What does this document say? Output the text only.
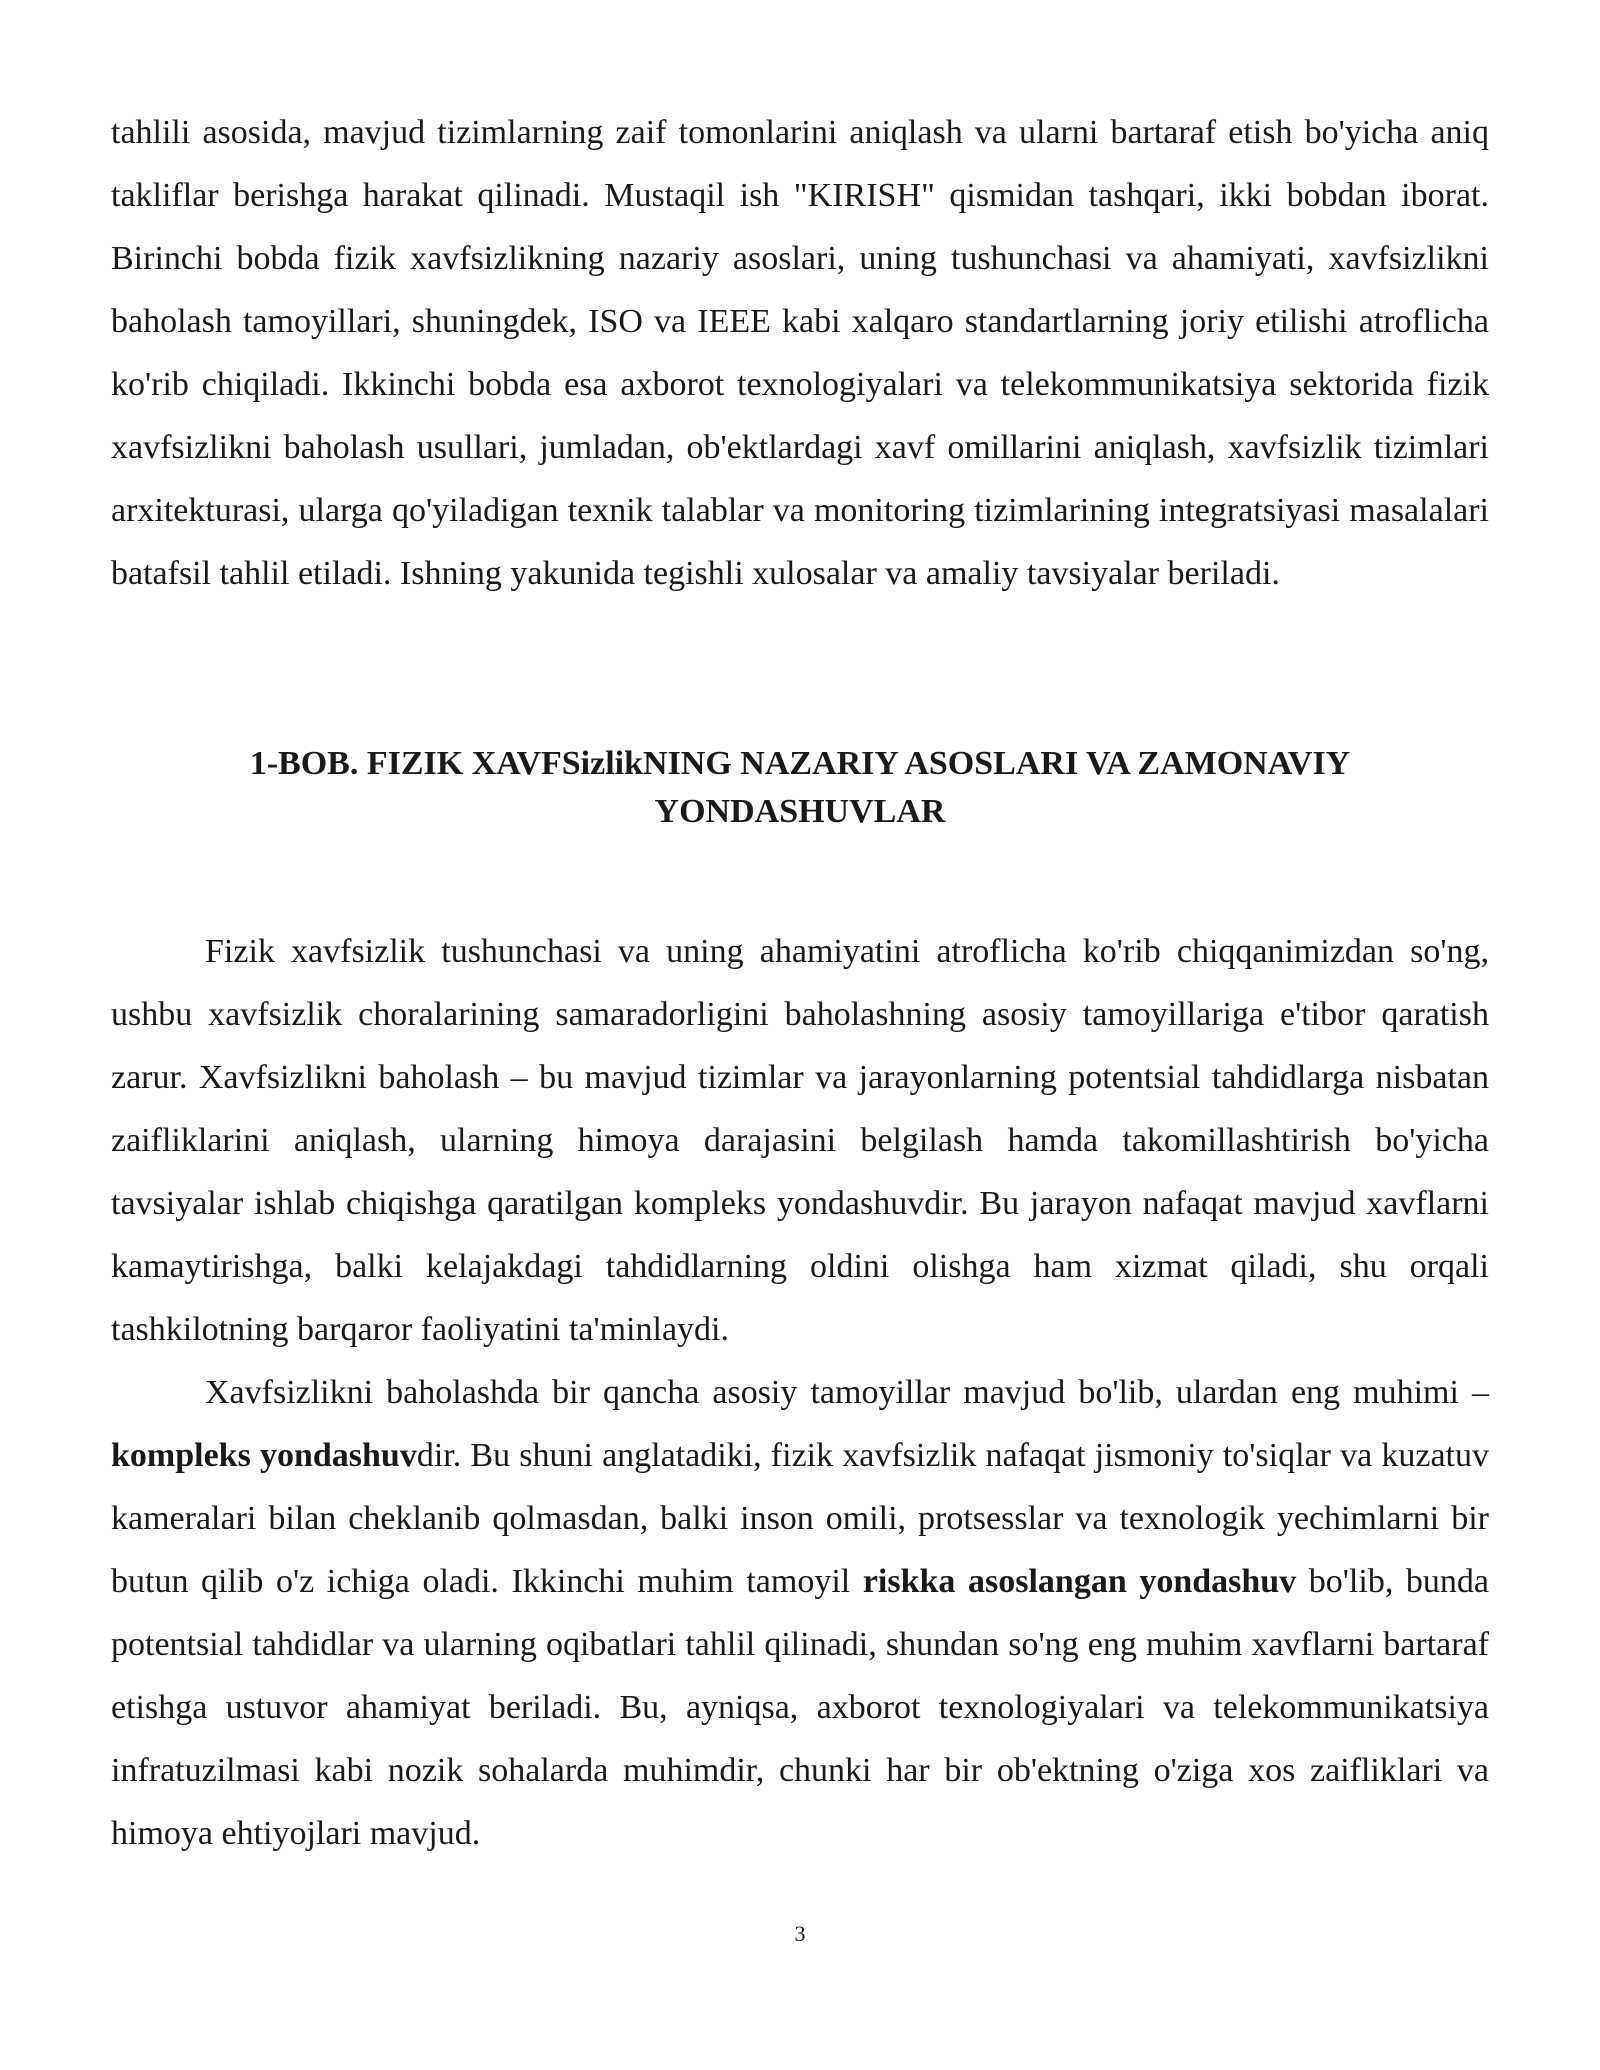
tahlili asosida, mavjud tizimlarning zaif tomonlarini aniqlash va ularni bartaraf etish bo'yicha aniq takliflar berishga harakat qilinadi. Mustaqil ish "KIRISH" qismidan tashqari, ikki bobdan iborat. Birinchi bobda fizik xavfsizlikning nazariy asoslari, uning tushunchasi va ahamiyati, xavfsizlikni baholash tamoyillari, shuningdek, ISO va IEEE kabi xalqaro standartlarning joriy etilishi atroflicha ko'rib chiqiladi. Ikkinchi bobda esa axborot texnologiyalari va telekommunikatsiya sektorida fizik xavfsizlikni baholash usullari, jumladan, ob'ektlardagi xavf omillarini aniqlash, xavfsizlik tizimlari arxitekturasi, ularga qo'yiladigan texnik talablar va monitoring tizimlarining integratsiyasi masalalari batafsil tahlil etiladi. Ishning yakunida tegishli xulosalar va amaliy tavsiyalar beriladi.

1-BOB. FIZIK XAVFSizlikNING NAZARIY ASOSLARI VA ZAMONAVIY
YONDASHUVLAR

Fizik xavfsizlik tushunchasi va uning ahamiyatini atroflicha ko'rib chiqqanimizdan so'ng, ushbu xavfsizlik choralarining samaradorligini baholashning asosiy tamoyillariga e'tibor qaratish zarur. Xavfsizlikni baholash – bu mavjud tizimlar va jarayonlarning potentsial tahdidlarga nisbatan zaifliklarini aniqlash, ularning himoya darajasini belgilash hamda takomillashtirish bo'yicha tavsiyalar ishlab chiqishga qaratilgan kompleks yondashuvdir. Bu jarayon nafaqat mavjud xavflarni kamaytirishga, balki kelajakdagi tahdidlarning oldini olishga ham xizmat qiladi, shu orqali tashkilotning barqaror faoliyatini ta'minlaydi.

Xavfsizlikni baholashda bir qancha asosiy tamoyillar mavjud bo'lib, ulardan eng muhimi – kompleks yondashuvdir. Bu shuni anglatadiki, fizik xavfsizlik nafaqat jismoniy to'siqlar va kuzatuv kameralari bilan cheklanib qolmasdan, balki inson omili, protsesslar va texnologik yechimlarni bir butun qilib o'z ichiga oladi. Ikkinchi muhim tamoyil riskka asoslangan yondashuv bo'lib, bunda potentsial tahdidlar va ularning oqibatlari tahlil qilinadi, shundan so'ng eng muhim xavflarni bartaraf etishga ustuvor ahamiyat beriladi. Bu, ayniqsa, axborot texnologiyalari va telekommunikatsiya infratuzilmasi kabi nozik sohalarda muhimdir, chunki har bir ob'ektning o'ziga xos zaifliklari va himoya ehtiyojlari mavjud.

3
